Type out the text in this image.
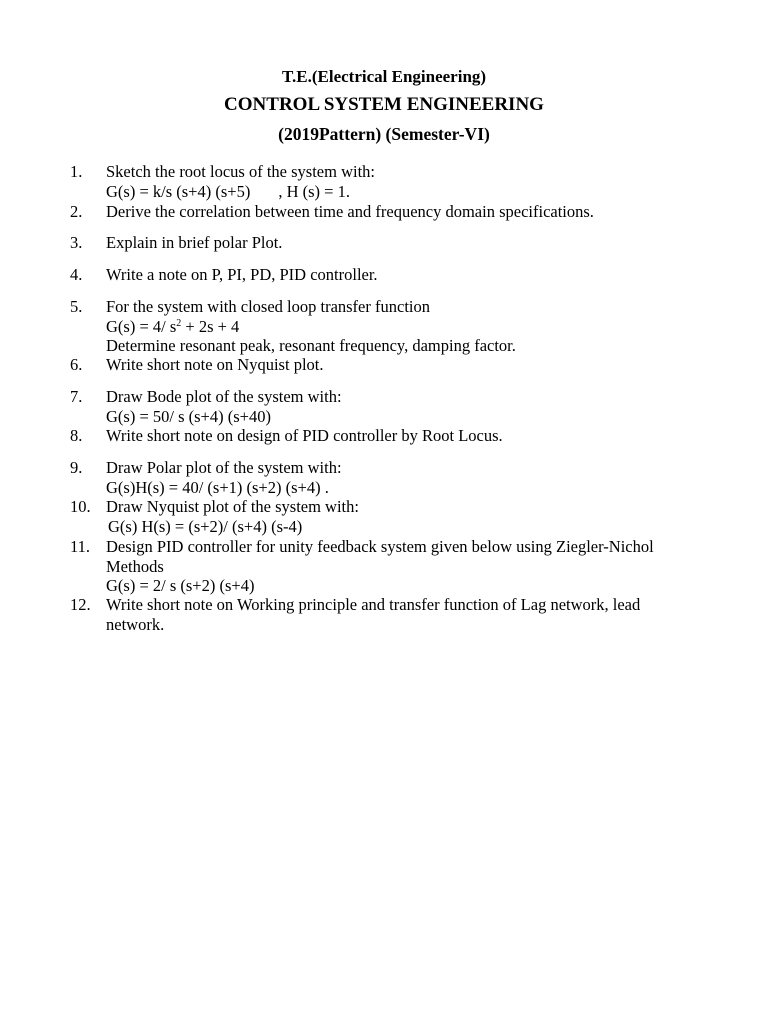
T.E.(Electrical Engineering)
CONTROL SYSTEM ENGINEERING
(2019Pattern) (Semester-VI)
1. Sketch the root locus of the system with:
G(s) = k/s (s+4) (s+5) , H (s) = 1.
2. Derive the correlation between time and frequency domain specifications.
3. Explain in brief polar Plot.
4. Write a note on P, PI, PD, PID controller.
5. For the system with closed loop transfer function
G(s) = 4/ $s^2 + 2s + 4$
Determine resonant peak, resonant frequency, damping factor.
6. Write short note on Nyquist plot.
7. Draw Bode plot of the system with:
G(s) = 50/ s (s+4) (s+40)
8. Write short note on design of PID controller by Root Locus.
9. Draw Polar plot of the system with:
G(s)H(s) = 40/ (s+1) (s+2) (s+4) .
10. Draw Nyquist plot of the system with:
G(s) H(s) = (s+2)/ (s+4) (s-4)
11. Design PID controller for unity feedback system given below using Ziegler-Nichol
Methods
G(s) = 2/ s (s+2) (s+4)
12. Write short note on Working principle and transfer function of Lag network, lead
network.
